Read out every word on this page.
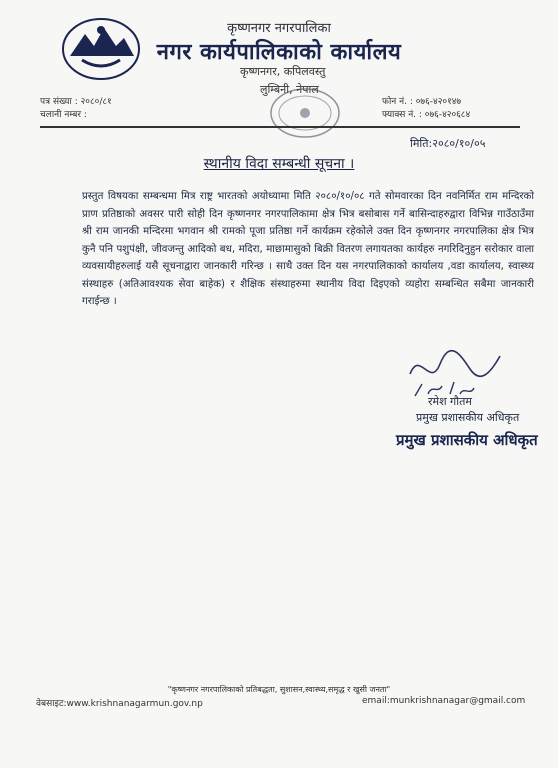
कृष्णनगर नगरपालिका
नगर कार्यपालिकाको कार्यालय
कृष्णनगर, कपिलवस्तु
लुम्बिनी, नेपाल
पत्र संख्या : २०८०/८१
चलानी नम्बर :
फोन नं. : ०७६-४२०१४७
फ्याक्स नं. : ०७६-४२०६८४
मिति:२०८०/१०/०५
स्थानीय विदा सम्बन्धी सूचना ।
प्रस्तुत विषयका सम्बन्धमा मित्र राष्ट्र भारतको अयोध्यामा मिति २०८०/१०/०८ गते सोमवारका दिन नवनिर्मित राम मन्दिरको प्राण प्रतिष्ठाको अवसर पारी सोही दिन कृष्णनगर नगरपालिकामा क्षेत्र भित्र बसोबास गर्ने बासिन्दाहरुद्वारा विभिन्न गाउँठाउँमा श्री राम जानकी मन्दिरमा भगवान श्री रामको पूजा प्रतिष्ठा गर्ने कार्यक्रम रहेकोले उक्त दिन कृष्णनगर नगरपालिका क्षेत्र भित्र कुनै पनि पशुपंक्षी, जीवजन्तु आदिको बध, मदिरा, माछामासुको बिक्री वितरण लगायतका कार्यहरु नगरिदिनुहुन सरोकार वाला व्यवसायीहरुलाई यसै सूचनाद्वारा जानकारी गरिन्छ । साथै उक्त दिन यस नगरपालिकाको कार्यालय ,वडा कार्यालय, स्वास्थ्य संस्थाहरु (अतिआवश्यक सेवा बाहेक) र शैक्षिक संस्थाहरुमा स्थानीय विदा दिइएको व्यहोरा सम्बन्धित सबैमा जानकारी गराईन्छ ।
रमेश गौतम
प्रमुख प्रशासकीय अधिकृत
प्रमुख प्रशासकीय अधिकृत
"कृष्णनगर नगरपालिकाको प्रतिबद्धता, सुशासन,स्वास्थ्य,समृद्ध र खुसी जनता"
वेबसाइट:www.krishnanagarmun.gov.np	email:munkrishnanagar@gmail.com
